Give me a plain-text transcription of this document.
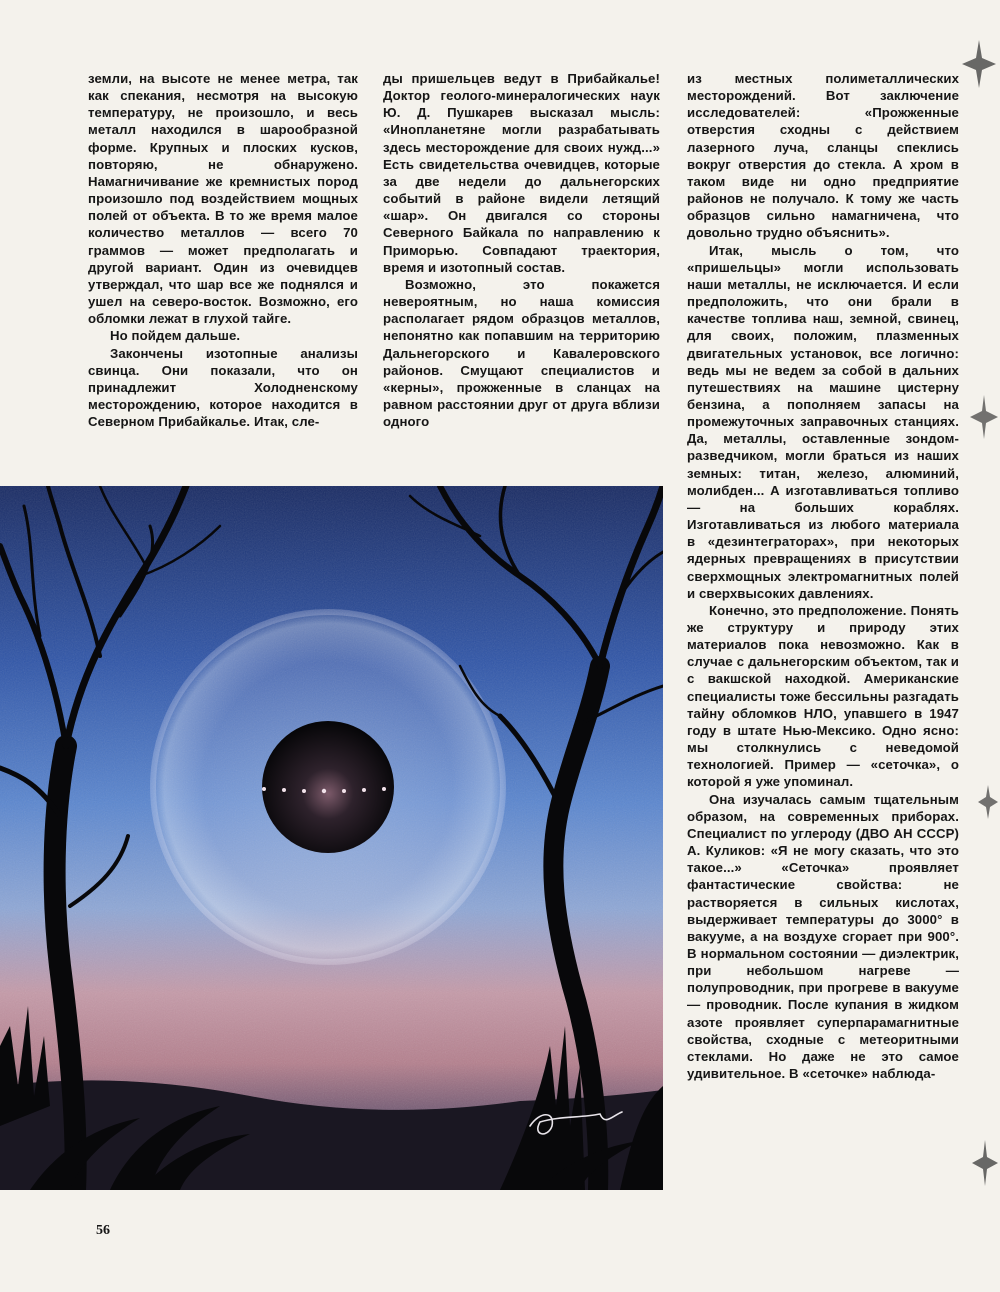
земли, на высоте не менее метра, так как спекания, несмотря на высокую температуру, не произошло, и весь металл находился в шарообразной форме. Крупных и плоских кусков, повторяю, не обнаружено. Намагничивание же кремнистых пород произошло под воздействием мощных полей от объекта. В то же время малое количество металлов — всего 70 граммов — может предполагать и другой вариант. Один из очевидцев утверждал, что шар все же поднялся и ушел на северо-восток. Возможно, его обломки лежат в глухой тайге.

Но пойдем дальше.

Закончены изотопные анализы свинца. Они показали, что он принадлежит Холодненскому месторождению, которое находится в Северном Прибайкалье. Итак, сле-

ды пришельцев ведут в Прибайкалье! Доктор геолого-минералогических наук Ю. Д. Пушкарев высказал мысль: «Инопланетяне могли разрабатывать здесь месторождение для своих нужд...» Есть свидетельства очевидцев, которые за две недели до дальнегорских событий в районе видели летящий «шар». Он двигался со стороны Северного Байкала по направлению к Приморью. Совпадают траектория, время и изотопный состав.

Возможно, это покажется невероятным, но наша комиссия располагает рядом образцов металлов, непонятно как попавшим на территорию Дальнегорского и Кавалеровского районов. Смущают специалистов и «керны», прожженные в сланцах на равном расстоянии друг от друга вблизи одного

из местных полиметаллических месторождений. Вот заключение исследователей: «Прожженные отверстия сходны с действием лазерного луча, сланцы спеклись вокруг отверстия до стекла. А хром в таком виде ни одно предприятие районов не получало. К тому же часть образцов сильно намагничена, что довольно трудно объяснить».

Итак, мысль о том, что «пришельцы» могли использовать наши металлы, не исключается. И если предположить, что они брали в качестве топлива наш, земной, свинец, для своих, положим, плазменных двигательных установок, все логично: ведь мы не ведем за собой в дальних путешествиях на машине цистерну бензина, а пополняем запасы на промежуточных заправочных станциях. Да, металлы, оставленные зондом-разведчиком, могли браться из наших земных: титан, железо, алюминий, молибден... А изготавливаться топливо — на больших кораблях. Изготавливаться из любого материала в «дезинтеграторах», при некоторых ядерных превращениях в присутствии сверхмощных электромагнитных полей и сверхвысоких давлениях.

Конечно, это предположение. Понять же структуру и природу этих материалов пока невозможно. Как в случае с дальнегорским объектом, так и с вакшской находкой. Американские специалисты тоже бессильны разгадать тайну обломков НЛО, упавшего в 1947 году в штате Нью-Мексико. Одно ясно: мы столкнулись с неведомой технологией. Пример — «сеточка», о которой я уже упоминал.

Она изучалась самым тщательным образом, на современных приборах. Специалист по углероду (ДВО АН СССР) А. Куликов: «Я не могу сказать, что это такое...» «Сеточка» проявляет фантастические свойства: не растворяется в сильных кислотах, выдерживает температуры до 3000° в вакууме, а на воздухе сгорает при 900°. В нормальном состоянии — диэлектрик, при небольшом нагреве — полупроводник, при прогреве в вакууме — проводник. После купания в жидком азоте проявляет суперпарамагнитные свойства, сходные с метеоритными стеклами. Но даже не это самое удивительное. В «сеточке» наблюда-

56
